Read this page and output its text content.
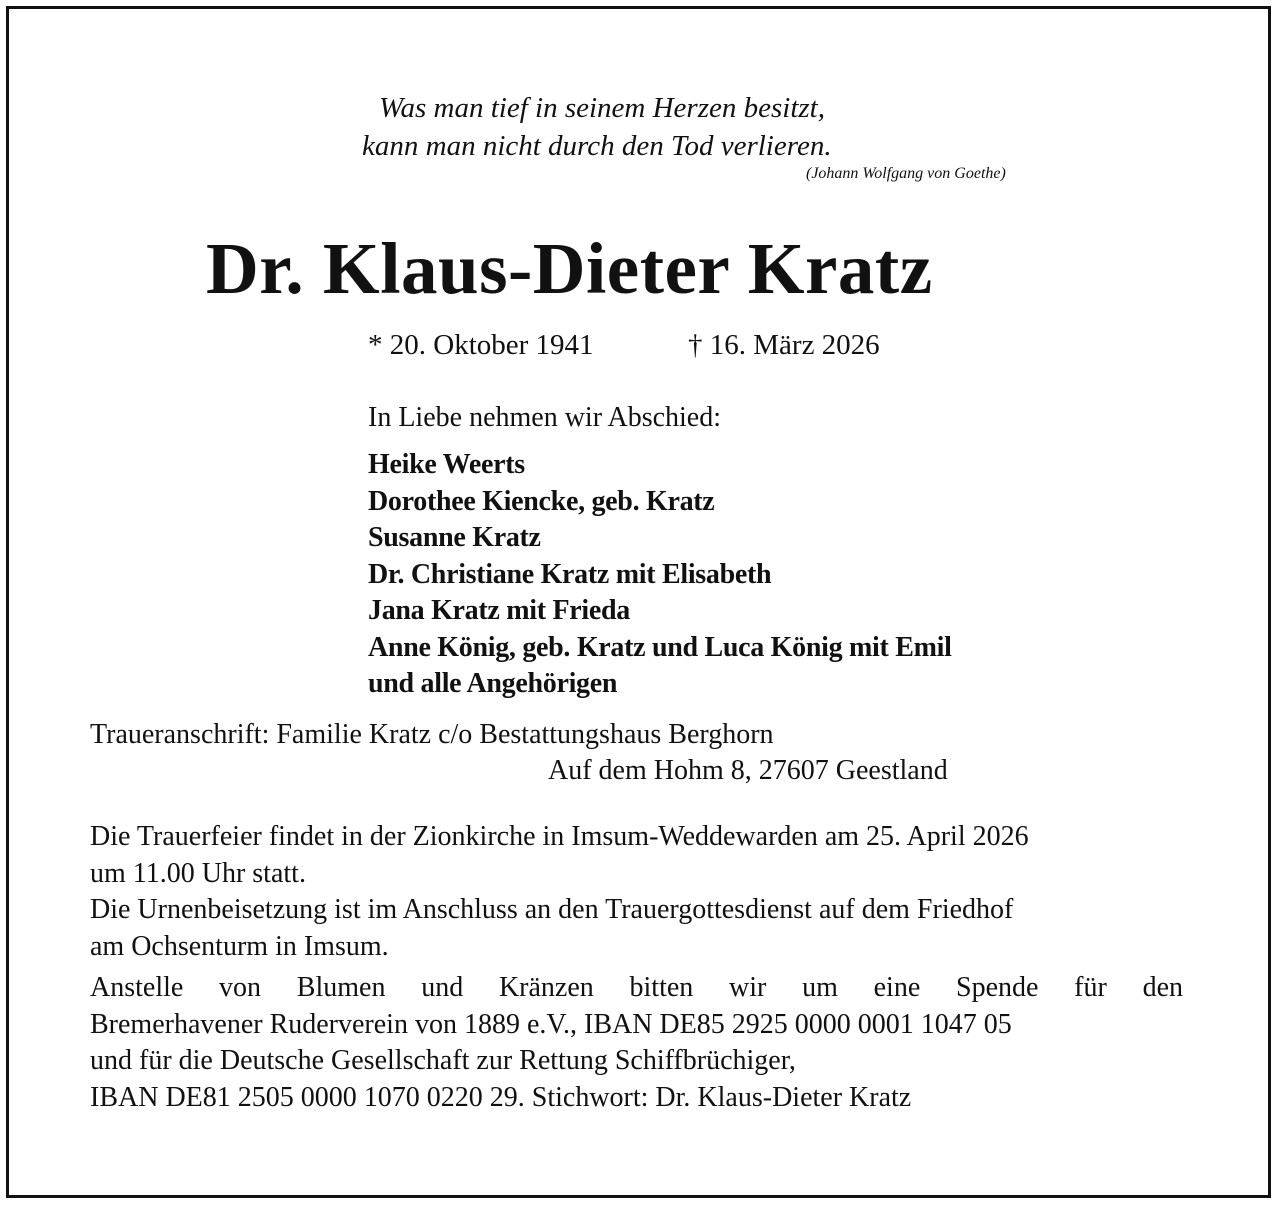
Was man tief in seinem Herzen besitzt,

kann man nicht durch den Tod verlieren.

(Johann Wolfgang von Goethe)

Dr. Klaus-Dieter Kratz

* 20. Oktober 1941	† 16. März 2026

In Liebe nehmen wir Abschied:

Heike Weerts
Dorothee Kiencke, geb. Kratz
Susanne Kratz
Dr. Christiane Kratz mit Elisabeth
Jana Kratz mit Frieda
Anne König, geb. Kratz und Luca König mit Emil
und alle Angehörigen

Traueranschrift: Familie Kratz c/o Bestattungshaus Berghorn

Auf dem Hohm 8, 27607 Geestland

Die Trauerfeier findet in der Zionkirche in Imsum-Weddewarden am 25. April 2026
um 11.00 Uhr statt.
Die Urnenbeisetzung ist im Anschluss an den Trauergottesdienst auf dem Friedhof
am Ochsenturm in Imsum.
Anstelle von Blumen und Kränzen bitten wir um eine Spende für den
Bremerhavener Ruderverein von 1889 e.V., IBAN DE85 2925 0000 0001 1047 05
und für die Deutsche Gesellschaft zur Rettung Schiffbrüchiger,
IBAN DE81 2505 0000 1070 0220 29. Stichwort: Dr. Klaus-Dieter Kratz
